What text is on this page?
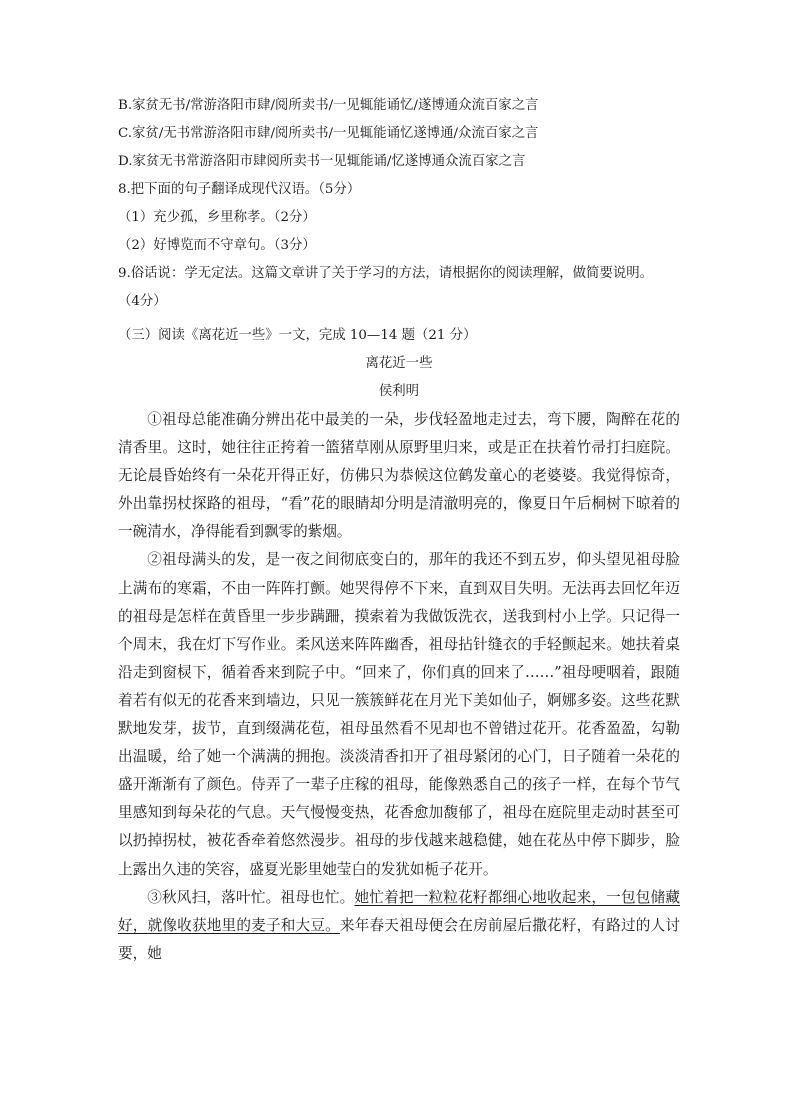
B.家贫无书/常游洛阳市肆/阅所卖书/一见辄能诵忆/遂博通众流百家之言
C.家贫/无书常游洛阳市肆/阅所卖书/一见辄能诵忆遂博通/众流百家之言
D.家贫无书常游洛阳市肆阅所卖书一见辄能诵/忆遂博通众流百家之言
8.把下面的句子翻译成现代汉语。（5分）
（1）充少孤，乡里称孝。（2分）
（2）好博览而不守章句。（3分）
9.俗话说：学无定法。这篇文章讲了关于学习的方法，请根据你的阅读理解，做简要说明。
（4分）
（三）阅读《离花近一些》一文，完成 10—14 题（21 分）
离花近一些
侯利明

①祖母总能准确分辨出花中最美的一朵，步伐轻盈地走过去，弯下腰，陶醉在花的清香里。这时，她往往正挎着一篮猪草刚从原野里归来，或是正在扶着竹帚打扫庭院。无论晨昏始终有一朵花开得正好，仿佛只为恭候这位鹤发童心的老婆婆。我觉得惊奇，外出靠拐杖探路的祖母，“看”花的眼睛却分明是清澈明亮的，像夏日午后桐树下晾着的一碗清水，净得能看到飘零的紫烟。

②祖母满头的发，是一夜之间彻底变白的，那年的我还不到五岁，仰头望见祖母脸上满布的寒霜，不由一阵阵打颤。她哭得停不下来，直到双目失明。无法再去回忆年迈的祖母是怎样在黄昏里一步步蹒跚，摸索着为我做饭洗衣，送我到村小上学。只记得一个周末，我在灯下写作业。柔风送来阵阵幽香，祖母拈针缝衣的手轻颤起来。她扶着桌沿走到窗棂下，循着香来到院子中。“回来了，你们真的回来了……”祖母哽咽着，跟随着若有似无的花香来到墙边，只见一簇簇鲜花在月光下美如仙子，婀娜多姿。这些花默默地发芽，拔节，直到缀满花苞，祖母虽然看不见却也不曾错过花开。花香盈盈，勾勒出温暖，给了她一个满满的拥抱。淡淡清香扣开了祖母紧闭的心门，日子随着一朵花的盛开渐渐有了颜色。侍弄了一辈子庄稼的祖母，能像熟悉自己的孩子一样，在每个节气里感知到每朵花的气息。天气慢慢变热，花香愈加馥郁了，祖母在庭院里走动时甚至可以扔掉拐杖，被花香牵着悠然漫步。祖母的步伐越来越稳健，她在花丛中停下脚步，脸上露出久违的笑容，盛夏光影里她莹白的发犹如栀子花开。

③秋风扫，落叶忙。祖母也忙。她忙着把一粒粒花籽都细心地收起来，一包包储藏好，就像收获地里的麦子和大豆。来年春天祖母便会在房前屋后撒花籽，有路过的人讨要，她
